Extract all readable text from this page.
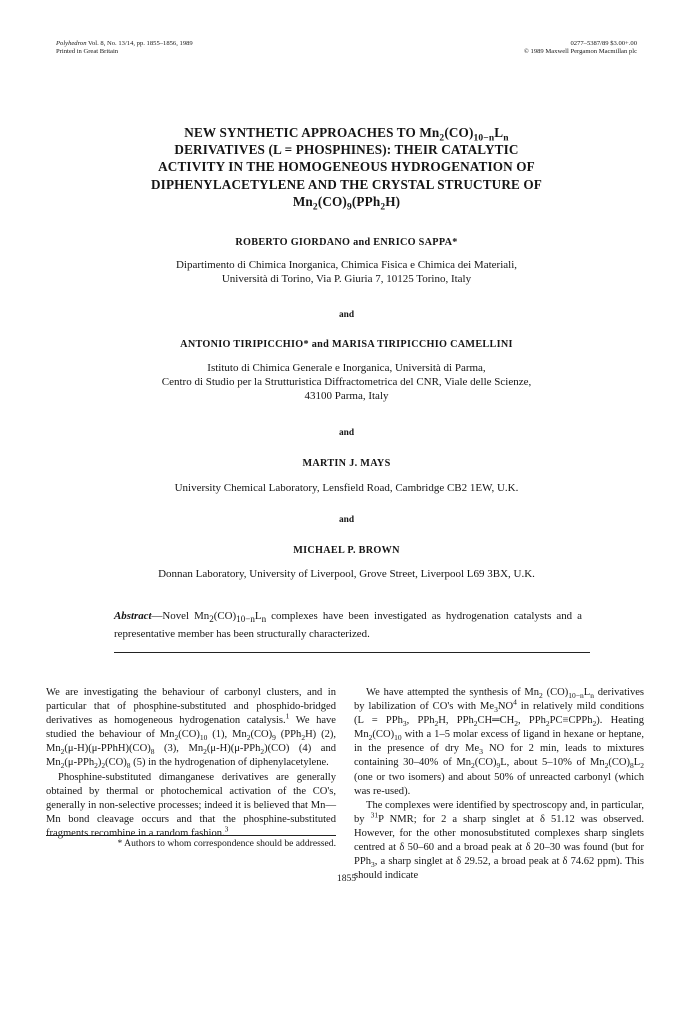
Polyhedron Vol. 8, No. 13/14, pp. 1855–1856, 1989
Printed in Great Britain
0277–5387/89 $3.00+.00
© 1989 Maxwell Pergamon Macmillan plc
NEW SYNTHETIC APPROACHES TO $Mn_2(CO)_{10-n}L_n$
DERIVATIVES (L = PHOSPHINES): THEIR CATALYTIC
ACTIVITY IN THE HOMOGENEOUS HYDROGENATION OF
DIPHENYLACETYLENE AND THE CRYSTAL STRUCTURE OF
$Mn_2(CO)_9(PPh_2H)$
ROBERTO GIORDANO and ENRICO SAPPA*
Dipartimento di Chimica Inorganica, Chimica Fisica e Chimica dei Materiali,
Università di Torino, Via P. Giuria 7, 10125 Torino, Italy
and
ANTONIO TIRIPICCHIO* and MARISA TIRIPICCHIO CAMELLINI
Istituto di Chimica Generale e Inorganica, Università di Parma,
Centro di Studio per la Strutturistica Diffractometrica del CNR, Viale delle Scienze,
43100 Parma, Italy
and
MARTIN J. MAYS
University Chemical Laboratory, Lensfield Road, Cambridge CB2 1EW, U.K.
and
MICHAEL P. BROWN
Donnan Laboratory, University of Liverpool, Grove Street, Liverpool L69 3BX, U.K.
Abstract—Novel $Mn_2(CO)_{10-n}L_n$ complexes have been investigated as hydrogenation catalysts and a representative member has been structurally characterized.

We are investigating the behaviour of carbonyl clusters, and in particular that of phosphine-substituted and phosphido-bridged derivatives as homogeneous hydrogenation catalysis.$^1$ We have studied the behaviour of $Mn_2(CO)_{10}$ (1), $Mn_2(CO)_9$ (PPh$_2$H) (2), $Mn_2(\mu-H)(\mu-PPhH)(CO)_8$ (3), $Mn_2(\mu-H)(\mu-PPh_2)(CO)$ (4) and $Mn_2(\mu-PPh_2)_2(CO)_8$ (5) in the hydrogenation of diphenylacetylene.

Phosphine-substituted dimanganese derivatives are generally obtained by thermal or photochemical activation of the CO's, generally in non-selective processes; indeed it is believed that Mn—Mn bond cleavage occurs and that the phosphine-substituted fragments recombine in a random fashion.$^3$

We have attempted the synthesis of $Mn_2$ $(CO)_{10-n}L_n$ derivatives by labilization of CO's with $Me_3NO^4$ in relatively mild conditions (L = PPh$_3$, PPh$_2$H, $PPh_2CH═CH_2$, PPh$_2$PC≡CPPh$_2$). Heating $Mn_2(CO)_{10}$ with a 1–5 molar excess of ligand in hexane or heptane, in the presence of dry $Me_3$ NO for 2 min, leads to mixtures containing 30–40% of $Mn_2(CO)_9L$, about 5–10% of $Mn_2(CO)_8L_2$ (one or two isomers) and about 50% of unreacted carbonyl (which was re-used).

The complexes were identified by spectroscopy and, in particular, by $^{31}$P NMR; for 2 a sharp singlet at δ 51.12 was observed. However, for the other monosubstituted complexes sharp singlets centred at δ 50–60 and a broad peak at δ 20–30 was found (but for PPh$_3$, a sharp singlet at δ 29.52, a broad peak at δ 74.62 ppm). This should indicate

* Authors to whom correspondence should be addressed.
1855
